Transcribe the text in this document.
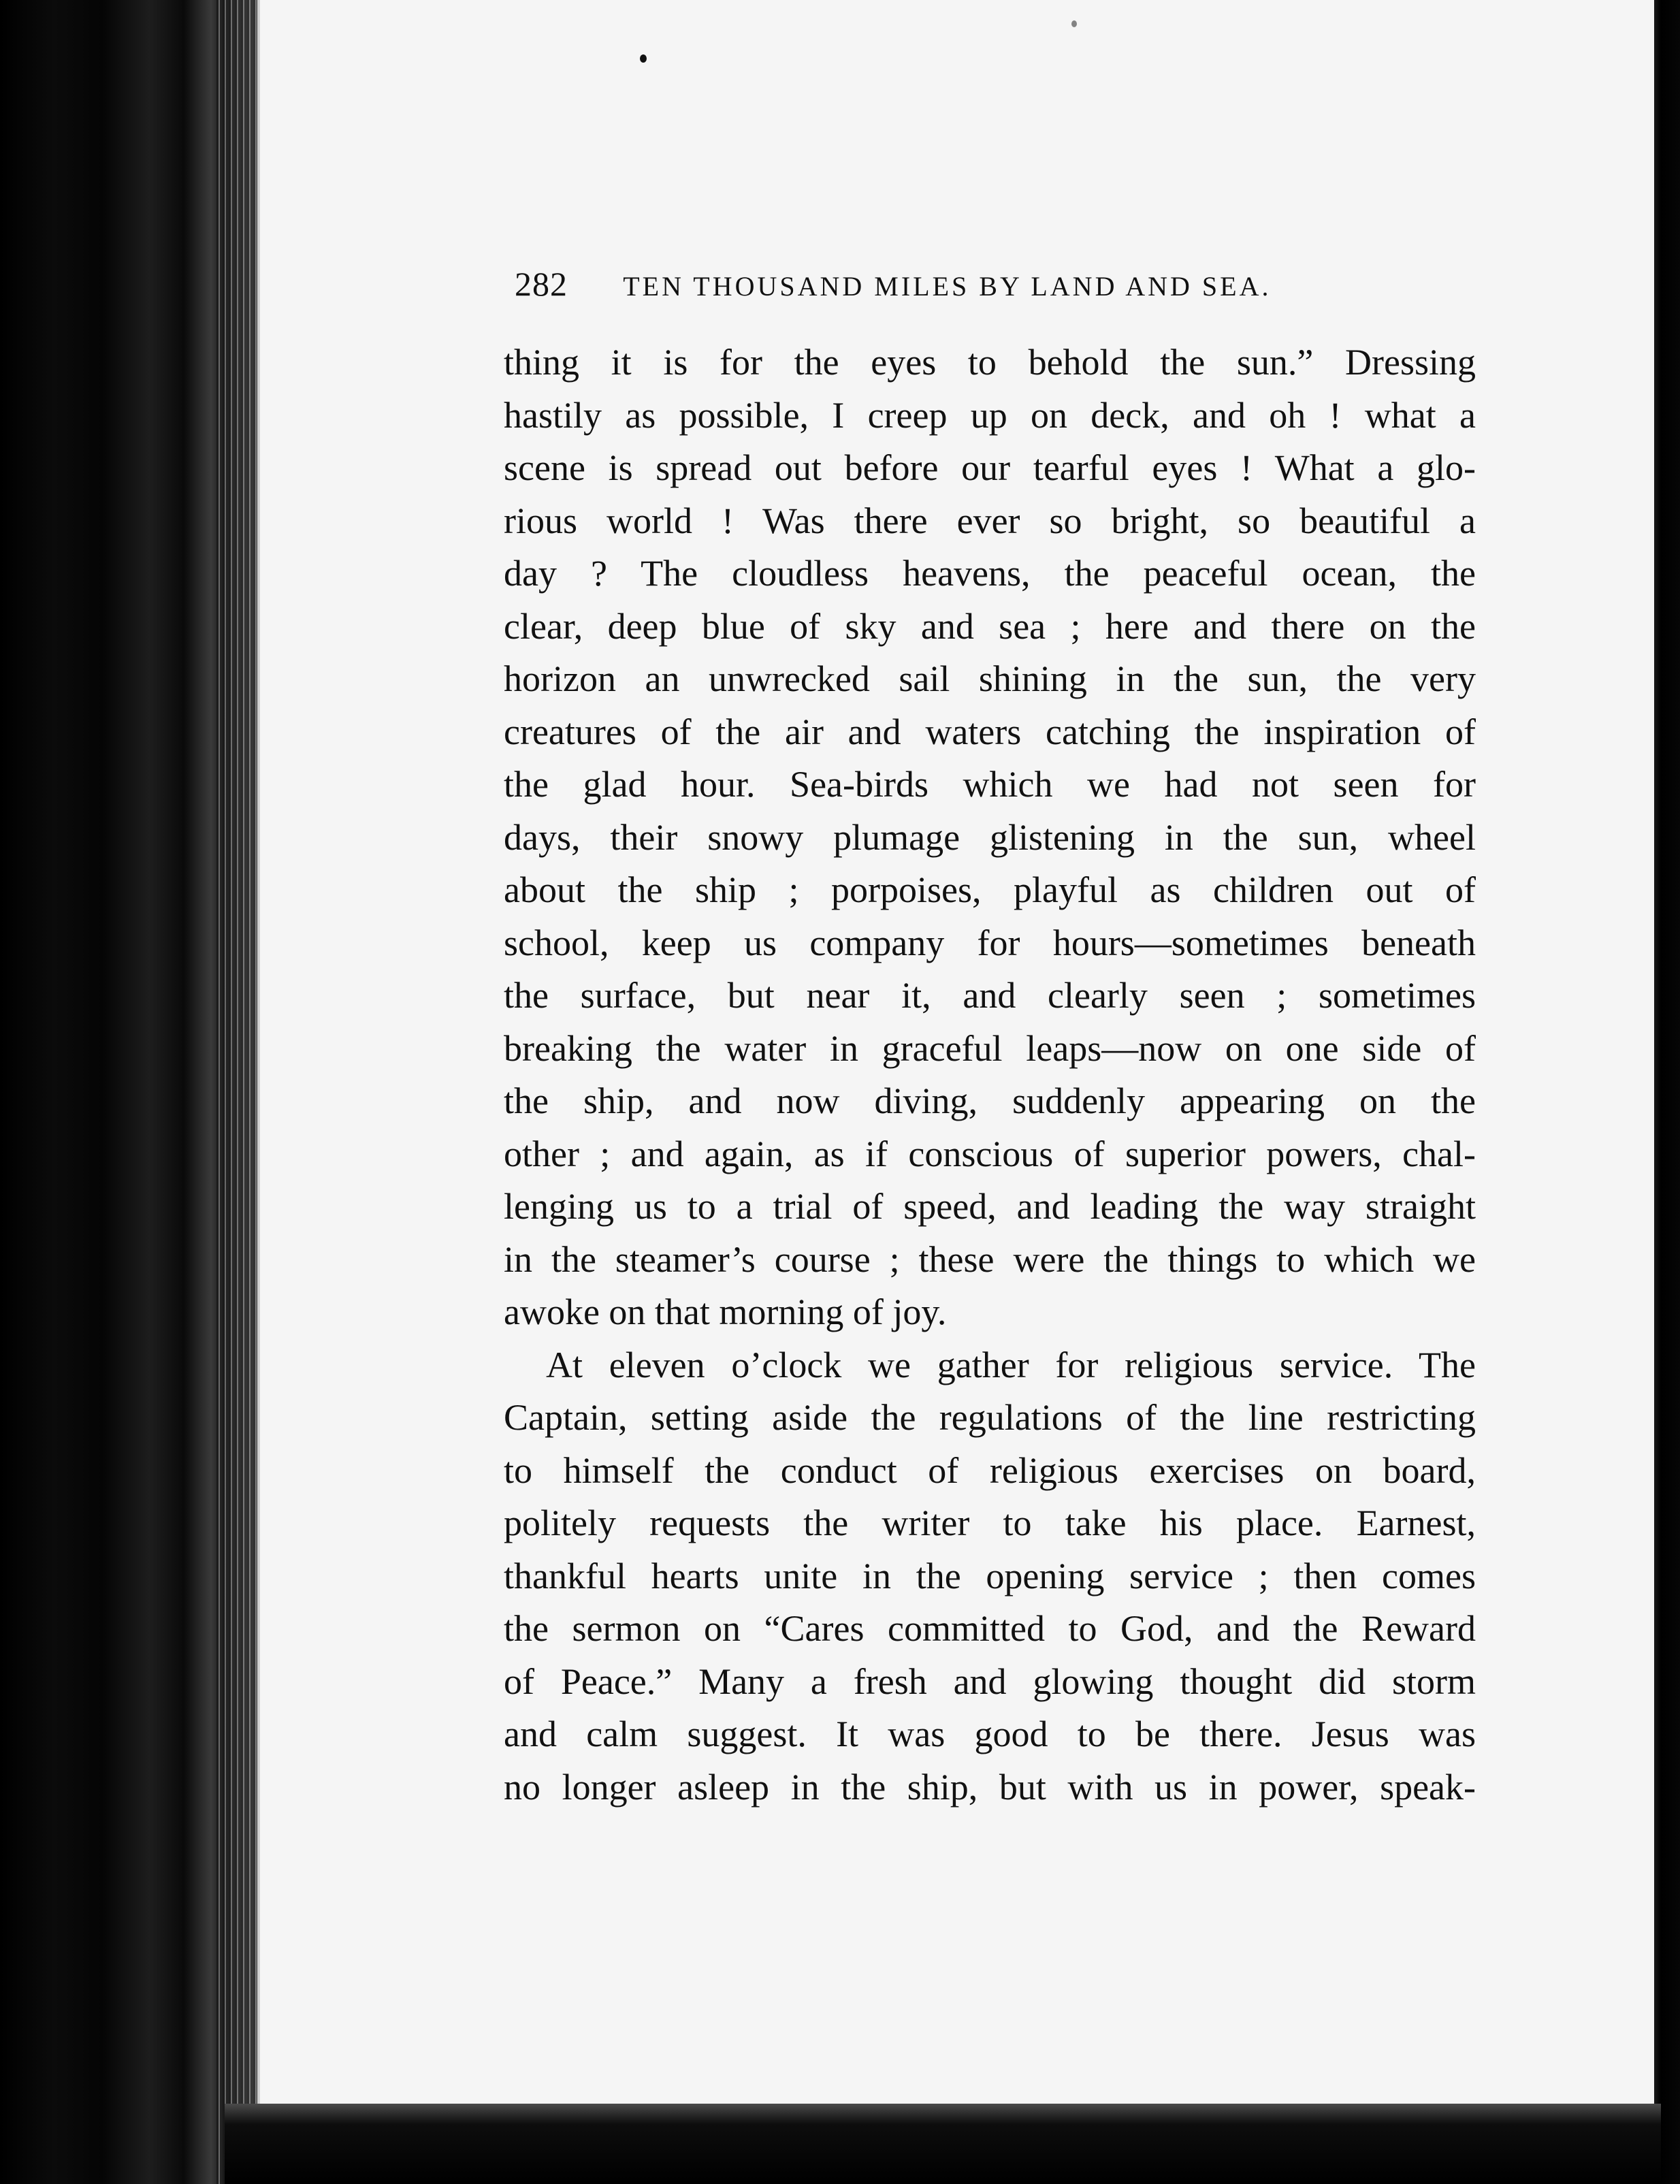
282 TEN THOUSAND MILES BY LAND AND SEA.
thing it is for the eyes to behold the sun.” Dressing
hastily as possible, I creep up on deck, and oh ! what a
scene is spread out before our tearful eyes ! What a glo-
rious world ! Was there ever so bright, so beautiful a
day ? The cloudless heavens, the peaceful ocean, the
clear, deep blue of sky and sea ; here and there on the
horizon an unwrecked sail shining in the sun, the very
creatures of the air and waters catching the inspiration of
the glad hour. Sea-birds which we had not seen for
days, their snowy plumage glistening in the sun, wheel
about the ship ; porpoises, playful as children out of
school, keep us company for hours—sometimes beneath
the surface, but near it, and clearly seen ; sometimes
breaking the water in graceful leaps—now on one side of
the ship, and now diving, suddenly appearing on the
other ; and again, as if conscious of superior powers, chal-
lenging us to a trial of speed, and leading the way straight
in the steamer’s course ; these were the things to which we
awoke on that morning of joy.
At eleven o’clock we gather for religious service. The
Captain, setting aside the regulations of the line restricting
to himself the conduct of religious exercises on board,
politely requests the writer to take his place. Earnest,
thankful hearts unite in the opening service ; then comes
the sermon on “Cares committed to God, and the Reward
of Peace.” Many a fresh and glowing thought did storm
and calm suggest. It was good to be there. Jesus was
no longer asleep in the ship, but with us in power, speak-
